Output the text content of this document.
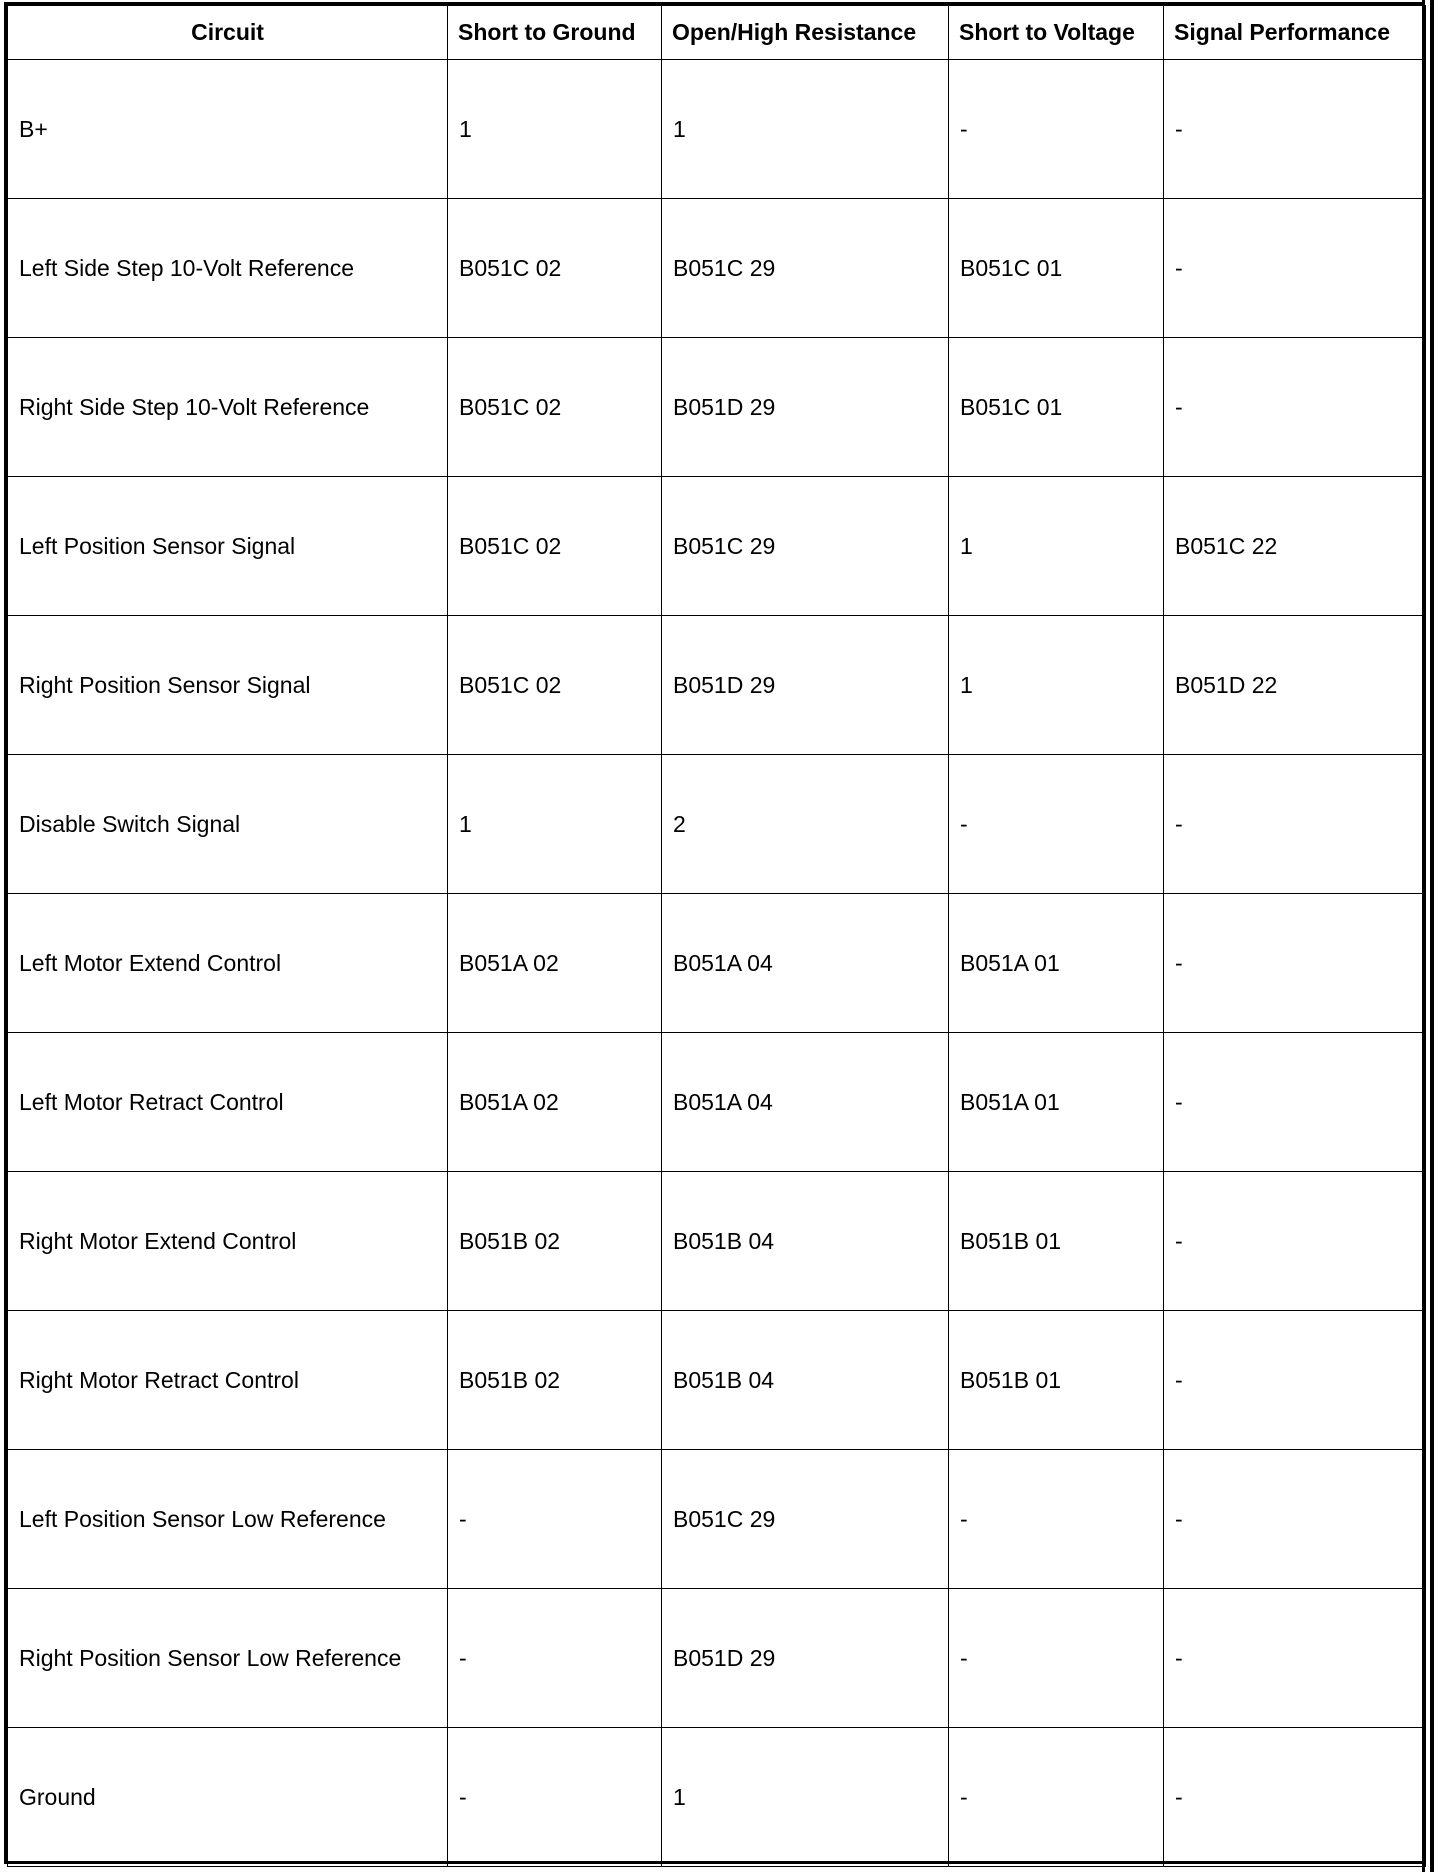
Circuit	Short to Ground	Open/High Resistance	Short to Voltage	Signal Performance
B+	1	1	-	-
Left Side Step 10-Volt Reference	B051C 02	B051C 29	B051C 01	-
Right Side Step 10-Volt Reference	B051C 02	B051D 29	B051C 01	-
Left Position Sensor Signal	B051C 02	B051C 29	1	B051C 22
Right Position Sensor Signal	B051C 02	B051D 29	1	B051D 22
Disable Switch Signal	1	2	-	-
Left Motor Extend Control	B051A 02	B051A 04	B051A 01	-
Left Motor Retract Control	B051A 02	B051A 04	B051A 01	-
Right Motor Extend Control	B051B 02	B051B 04	B051B 01	-
Right Motor Retract Control	B051B 02	B051B 04	B051B 01	-
Left Position Sensor Low Reference	-	B051C 29	-	-
Right Position Sensor Low Reference	-	B051D 29	-	-
Ground	-	1	-	-
